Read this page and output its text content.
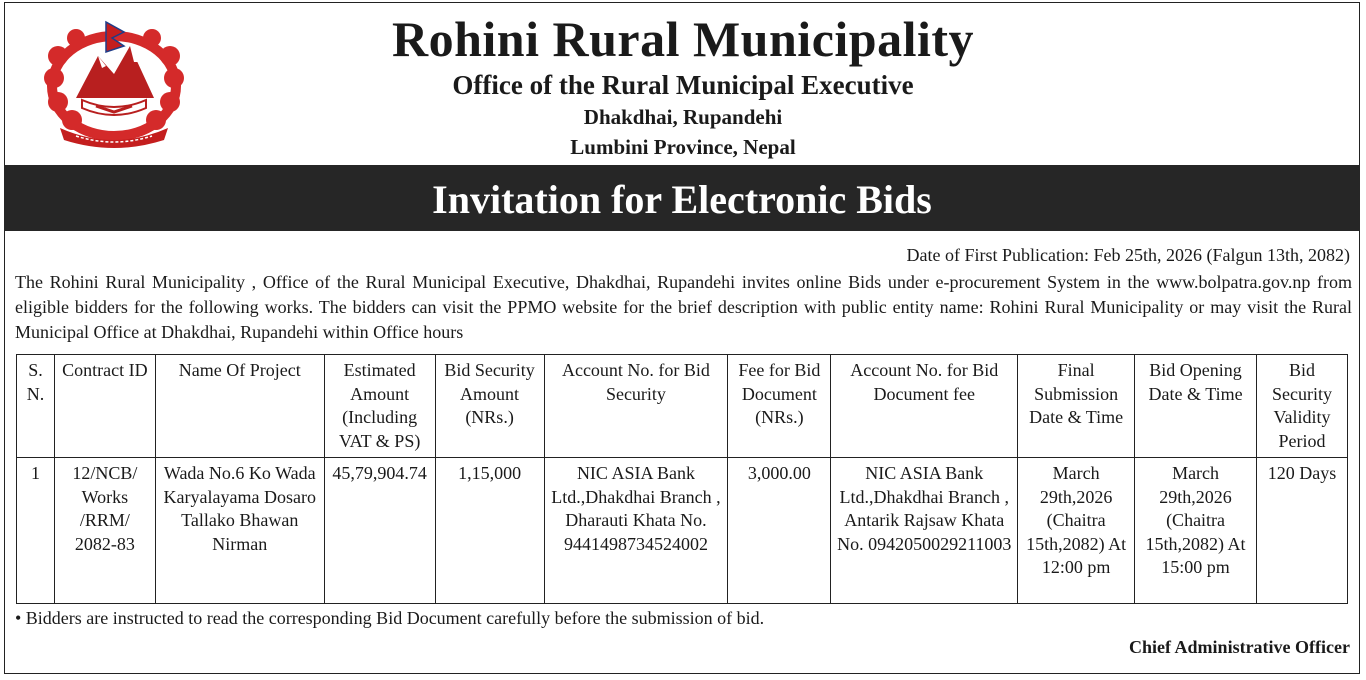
Rohini Rural Municipality
Office of the Rural Municipal Executive
Dhakdhai, Rupandehi
Lumbini Province, Nepal
Invitation for Electronic Bids
Date of First Publication: Feb 25th, 2026 (Falgun 13th, 2082)
The Rohini Rural Municipality , Office of the Rural Municipal Executive, Dhakdhai, Rupandehi invites online Bids under e-procurement System in the www.bolpatra.gov.np from eligible bidders for the following works. The bidders can visit the PPMO website for the brief description with public entity name: Rohini Rural Municipality or may visit the Rural Municipal Office at Dhakdhai, Rupandehi within Office hours
S. N.	Contract ID	Name Of Project	Estimated Amount (Including VAT & PS)	Bid Security Amount (NRs.)	Account No. for Bid Security	Fee for Bid Document (NRs.)	Account No. for Bid Document fee	Final Submission Date & Time	Bid Opening Date & Time	Bid Security Validity Period
1	12/NCB/ Works /RRM/ 2082-83	Wada No.6 Ko Wada Karyalayama Dosaro Tallako Bhawan Nirman	45,79,904.74	1,15,000	NIC ASIA Bank Ltd.,Dhakdhai Branch , Dharauti Khata No. 9441498734524002	3,000.00	NIC ASIA Bank Ltd.,Dhakdhai Branch , Antarik Rajsaw Khata No. 0942050029211003	March 29th,2026 (Chaitra 15th,2082) At 12:00 pm	March 29th,2026 (Chaitra 15th,2082) At 15:00 pm	120 Days
• Bidders are instructed to read the corresponding Bid Document carefully before the submission of bid.
Chief Administrative Officer
